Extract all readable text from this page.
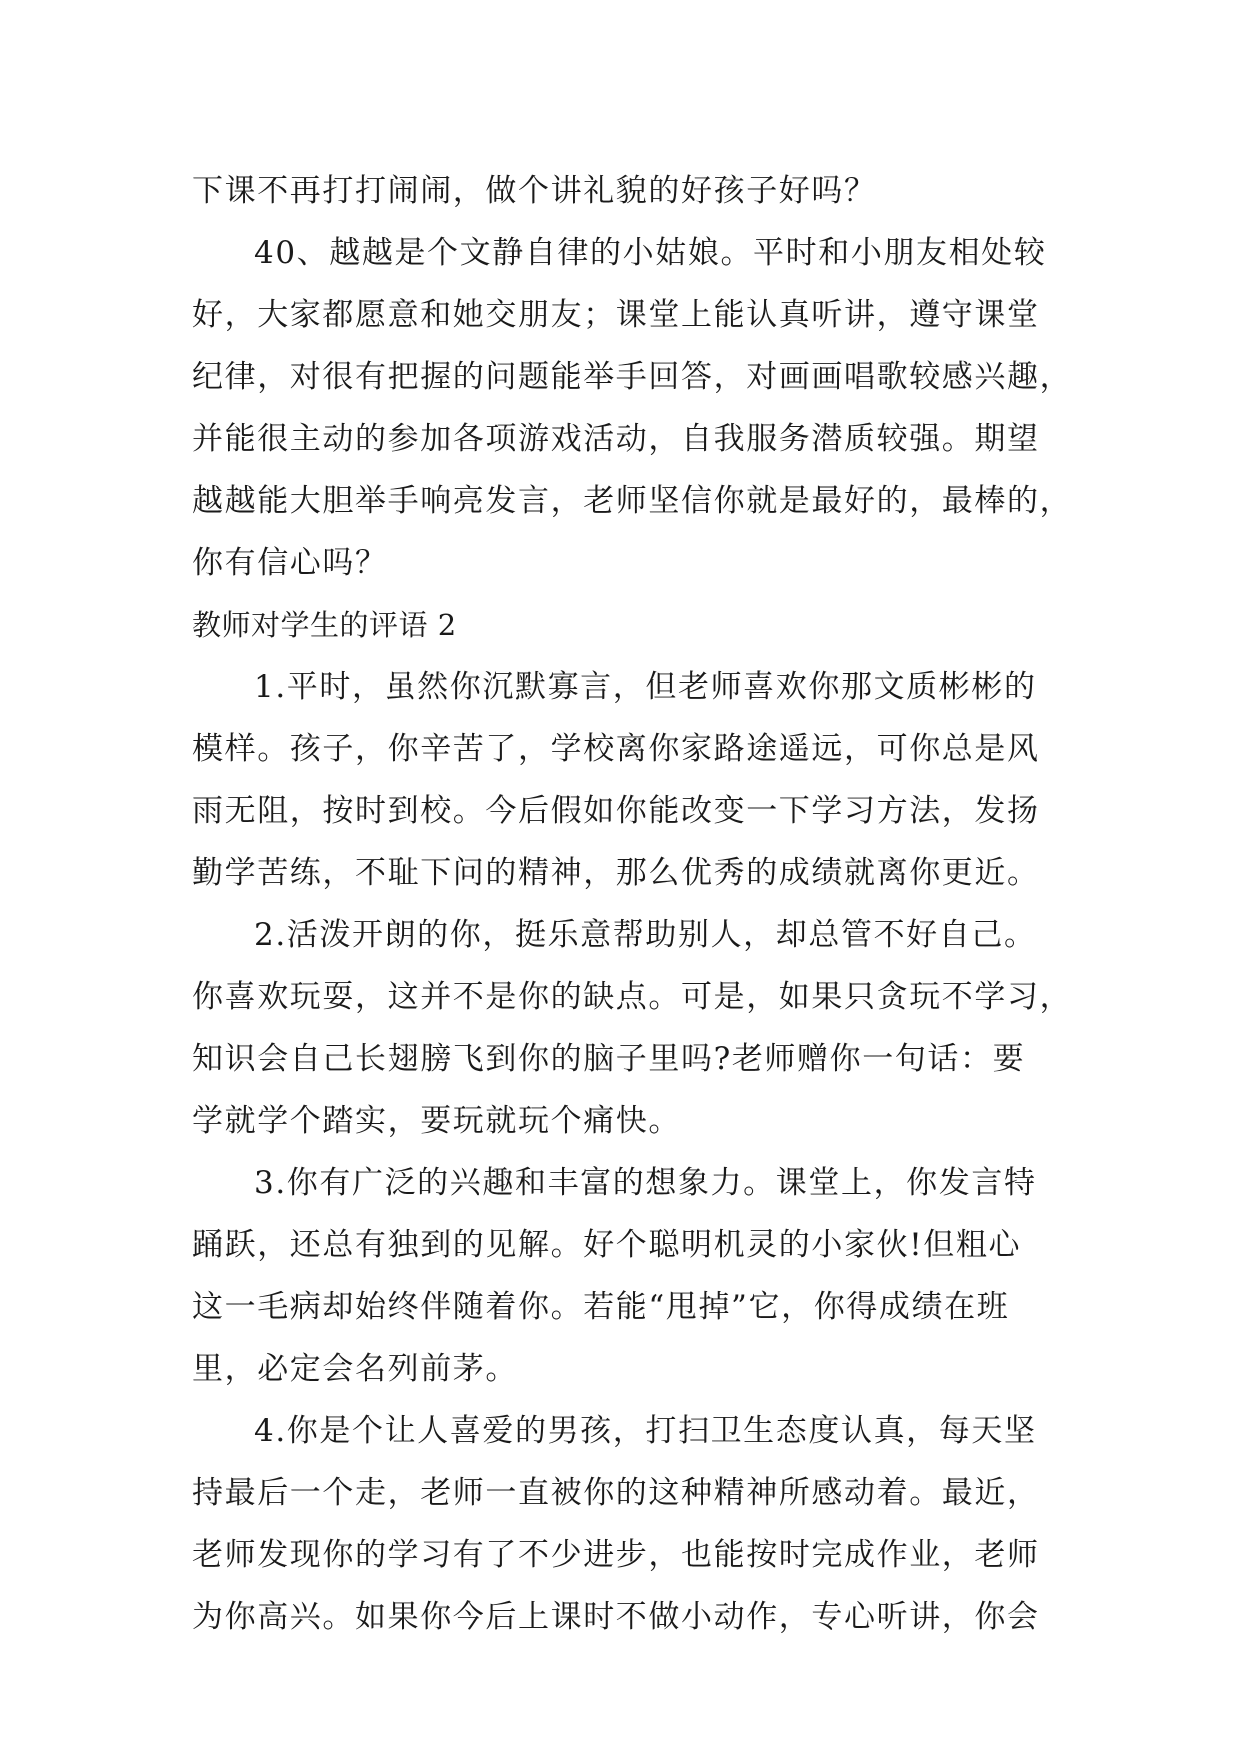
下课不再打打闹闹，做个讲礼貌的好孩子好吗？
40、越越是个文静自律的小姑娘。平时和小朋友相处较
好，大家都愿意和她交朋友；课堂上能认真听讲，遵守课堂
纪律，对很有把握的问题能举手回答，对画画唱歌较感兴趣，
并能很主动的参加各项游戏活动，自我服务潜质较强。期望
越越能大胆举手响亮发言，老师坚信你就是最好的，最棒的，
你有信心吗？
教师对学生的评语 2
1.平时，虽然你沉默寡言，但老师喜欢你那文质彬彬的
模样。孩子，你辛苦了，学校离你家路途遥远，可你总是风
雨无阻，按时到校。今后假如你能改变一下学习方法，发扬
勤学苦练，不耻下问的精神，那么优秀的成绩就离你更近。
2.活泼开朗的你，挺乐意帮助别人，却总管不好自己。
你喜欢玩耍，这并不是你的缺点。可是，如果只贪玩不学习，
知识会自己长翅膀飞到你的脑子里吗?老师赠你一句话：要
学就学个踏实，要玩就玩个痛快。
3.你有广泛的兴趣和丰富的想象力。课堂上，你发言特
踊跃，还总有独到的见解。好个聪明机灵的小家伙!但粗心
这一毛病却始终伴随着你。若能“甩掉”它，你得成绩在班
里，必定会名列前茅。
4.你是个让人喜爱的男孩，打扫卫生态度认真，每天坚
持最后一个走，老师一直被你的这种精神所感动着。最近，
老师发现你的学习有了不少进步，也能按时完成作业，老师
为你高兴。如果你今后上课时不做小动作，专心听讲，你会
